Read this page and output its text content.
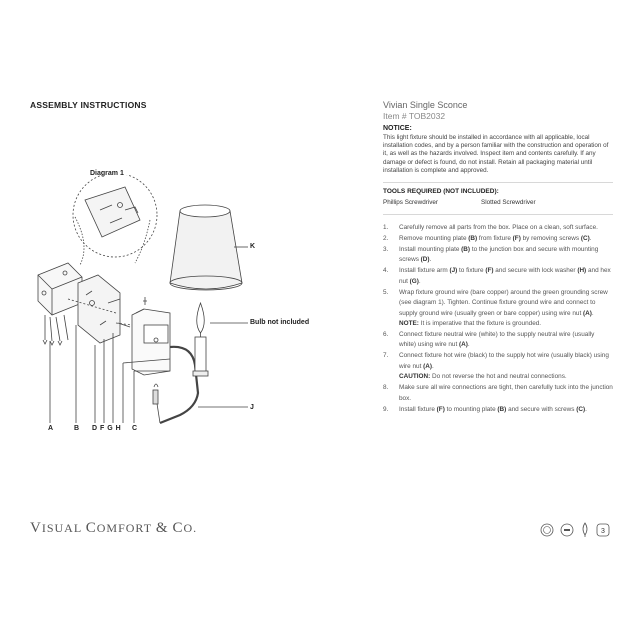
ASSEMBLY INSTRUCTIONS
Diagram 1
K
Bulb not included
J
A	B D F G H C
Vivian Single Sconce
Item # TOB2032
NOTICE:
This light fixture should be installed in accordance with all applicable, local installation codes, and by a person familiar with the construction and operation of it, as well as the hazards involved. Inspect item and contents carefully. If any damage or defect is found, do not install. Retain all packaging material until installation is complete and approved.
TOOLS REQUIRED (NOT INCLUDED):
Phillips Screwdriver	Slotted Screwdriver
1.	Carefully remove all parts from the box. Place on a clean, soft surface.
2.	Remove mounting plate (B) from fixture (F) by removing screws (C).
3.	Install mounting plate (B) to the junction box and secure with mounting screws (D).
4.	Install fixture arm (J) to fixture (F) and secure with lock washer (H) and hex nut (G).
5.	Wrap fixture ground wire (bare copper) around the green grounding screw (see diagram 1). Tighten. Continue fixture ground wire and connect to supply ground wire (usually green or bare copper) using wire nut (A).
NOTE: It is imperative that the fixture is grounded.
6.	Connect fixture neutral wire (white) to the supply neutral wire (usually white) using wire nut (A).
7.	Connect fixture hot wire (black) to the supply hot wire (usually black) using wire nut (A).
CAUTION: Do not reverse the hot and neutral connections.
8.	Make sure all wire connections are tight, then carefully tuck into the junction box.
9.	Install fixture (F) to mounting plate (B) and secure with screws (C).
VISUAL COMFORT & CO.	3
